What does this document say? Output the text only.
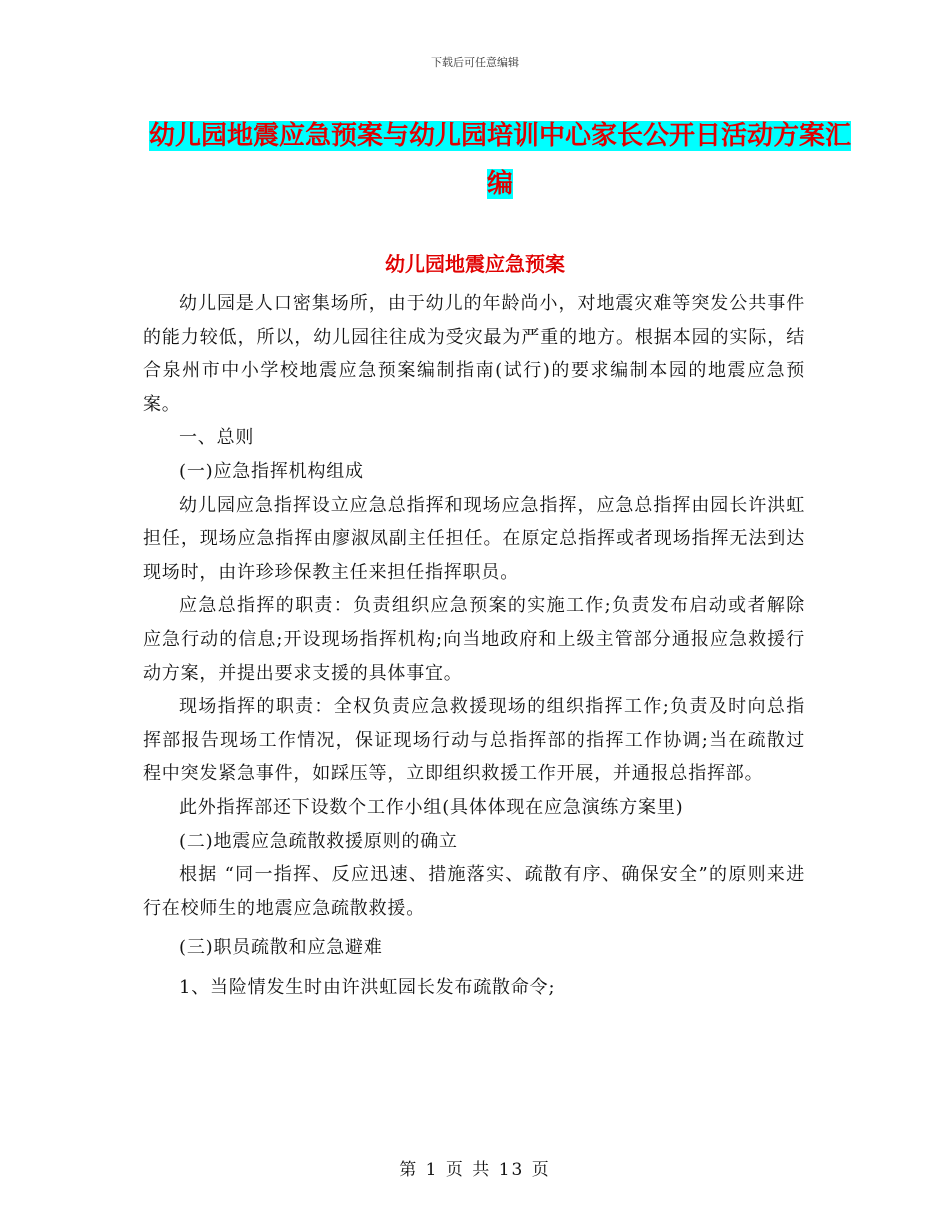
下载后可任意编辑
幼儿园地震应急预案与幼儿园培训中心家长公开日活动方案汇编
幼儿园地震应急预案

幼儿园是人口密集场所，由于幼儿的年龄尚小，对地震灾难等突发公共事件的能力较低，所以，幼儿园往往成为受灾最为严重的地方。根据本园的实际，结合泉州市中小学校地震应急预案编制指南(试行)的要求编制本园的地震应急预案。

一、总则

(一)应急指挥机构组成

幼儿园应急指挥设立应急总指挥和现场应急指挥，应急总指挥由园长许洪虹担任，现场应急指挥由廖淑凤副主任担任。在原定总指挥或者现场指挥无法到达现场时，由许珍珍保教主任来担任指挥职员。

应急总指挥的职责：负责组织应急预案的实施工作;负责发布启动或者解除应急行动的信息;开设现场指挥机构;向当地政府和上级主管部分通报应急救援行动方案，并提出要求支援的具体事宜。

现场指挥的职责：全权负责应急救援现场的组织指挥工作;负责及时向总指挥部报告现场工作情况，保证现场行动与总指挥部的指挥工作协调;当在疏散过程中突发紧急事件，如踩压等，立即组织救援工作开展，并通报总指挥部。

此外指挥部还下设数个工作小组(具体体现在应急演练方案里)

(二)地震应急疏散救援原则的确立

根据 “同一指挥、反应迅速、措施落实、疏散有序、确保安全”的原则来进行在校师生的地震应急疏散救援。

(三)职员疏散和应急避难

1、当险情发生时由许洪虹园长发布疏散命令;

第 1 页 共 13 页
